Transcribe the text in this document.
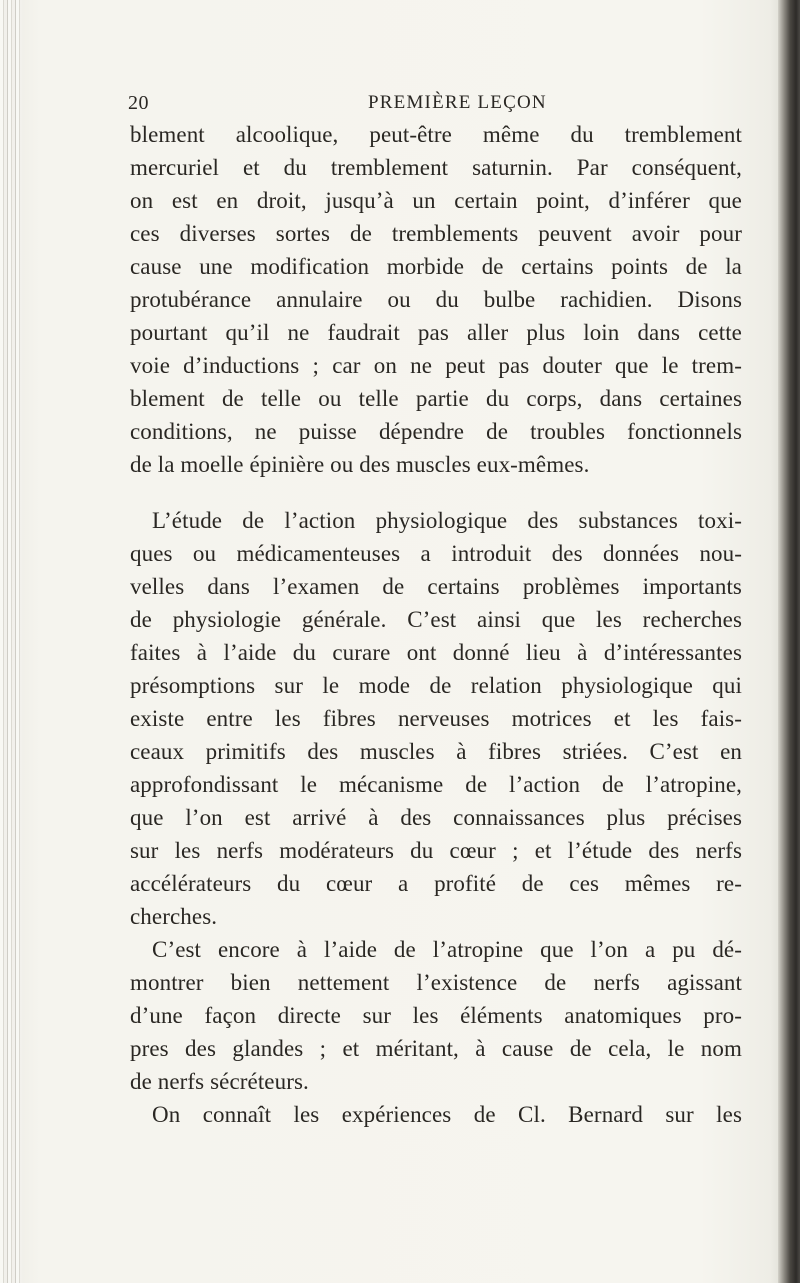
20	PREMIÈRE LEÇON
blement alcoolique, peut-être même du tremblement
mercuriel et du tremblement saturnin. Par conséquent,
on est en droit, jusqu’à un certain point, d’inférer que
ces diverses sortes de tremblements peuvent avoir pour
cause une modification morbide de certains points de la
protubérance annulaire ou du bulbe rachidien. Disons
pourtant qu’il ne faudrait pas aller plus loin dans cette
voie d’inductions ; car on ne peut pas douter que le trem-
blement de telle ou telle partie du corps, dans certaines
conditions, ne puisse dépendre de troubles fonctionnels
de la moelle épinière ou des muscles eux-mêmes.
L’étude de l’action physiologique des substances toxi-
ques ou médicamenteuses a introduit des données nou-
velles dans l’examen de certains problèmes importants
de physiologie générale. C’est ainsi que les recherches
faites à l’aide du curare ont donné lieu à d’intéressantes
présomptions sur le mode de relation physiologique qui
existe entre les fibres nerveuses motrices et les fais-
ceaux primitifs des muscles à fibres striées. C’est en
approfondissant le mécanisme de l’action de l’atropine,
que l’on est arrivé à des connaissances plus précises
sur les nerfs modérateurs du cœur ; et l’étude des nerfs
accélérateurs du cœur a profité de ces mêmes re-
cherches.
C’est encore à l’aide de l’atropine que l’on a pu dé-
montrer bien nettement l’existence de nerfs agissant
d’une façon directe sur les éléments anatomiques pro-
pres des glandes ; et méritant, à cause de cela, le nom
de nerfs sécréteurs.
On connaît les expériences de Cl. Bernard sur les
